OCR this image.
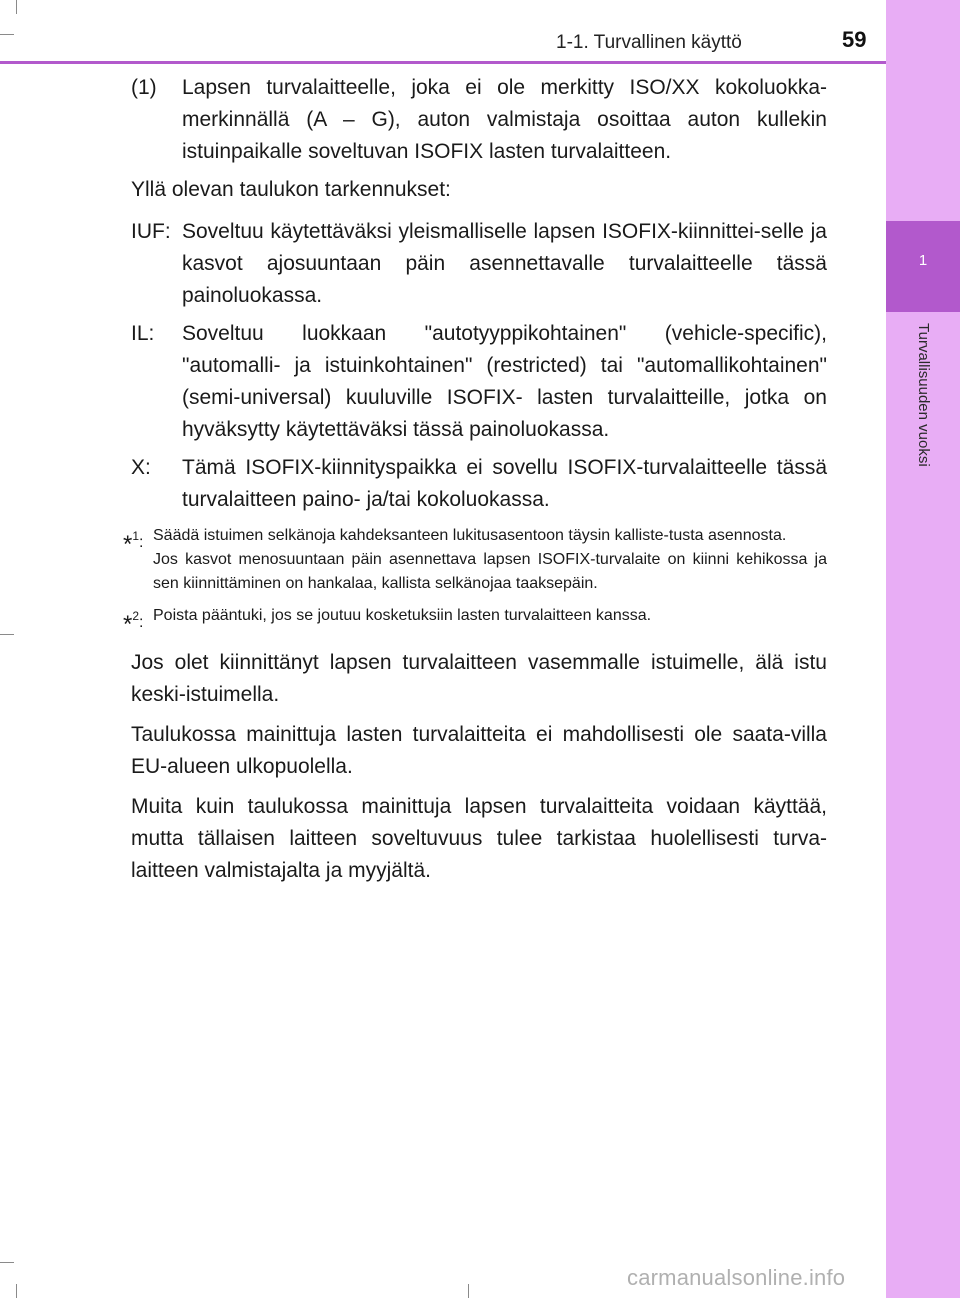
1
Turvallisuuden vuoksi
1-1. Turvallinen käyttö	59
(1)	Lapsen turvalaitteelle, joka ei ole merkitty ISO/XX kokoluokka-merkinnällä (A – G), auton valmistaja osoittaa auton kullekin istuinpaikalle soveltuvan ISOFIX lasten turvalaitteen.

Yllä olevan taulukon tarkennukset:

IUF: Soveltuu käytettäväksi yleismalliselle lapsen ISOFIX-kiinnittei-selle ja kasvot ajosuuntaan päin asennettavalle turvalaitteelle tässä painoluokassa.
IL:	Soveltuu luokkaan "autotyyppikohtainen" (vehicle-specific), "automalli- ja istuinkohtainen" (restricted) tai "automallikohtainen" (semi-universal) kuuluville ISOFIX- lasten turvalaitteille, jotka on hyväksytty käytettäväksi tässä painoluokassa.
X:	Tämä ISOFIX-kiinnityspaikka ei sovellu ISOFIX-turvalaitteelle tässä turvalaitteen paino- ja/tai kokoluokassa.
*$^1$: Säädä istuimen selkänoja kahdeksanteen lukitusasentoon täysin kalliste-tusta asennosta.
Jos kasvot menosuuntaan päin asennettava lapsen ISOFIX-turvalaite on kiinni kehikossa ja sen kiinnittäminen on hankalaa, kallista selkänojaa taaksepäin.
*$^2$: Poista pääntuki, jos se joutuu kosketuksiin lasten turvalaitteen kanssa.

Jos olet kiinnittänyt lapsen turvalaitteen vasemmalle istuimelle, älä istu keski-istuimella.

Taulukossa mainittuja lasten turvalaitteita ei mahdollisesti ole saata-villa EU-alueen ulkopuolella.

Muita kuin taulukossa mainittuja lapsen turvalaitteita voidaan käyttää, mutta tällaisen laitteen soveltuvuus tulee tarkistaa huolellisesti turva-laitteen valmistajalta ja myyjältä.

carmanualsonline.info
